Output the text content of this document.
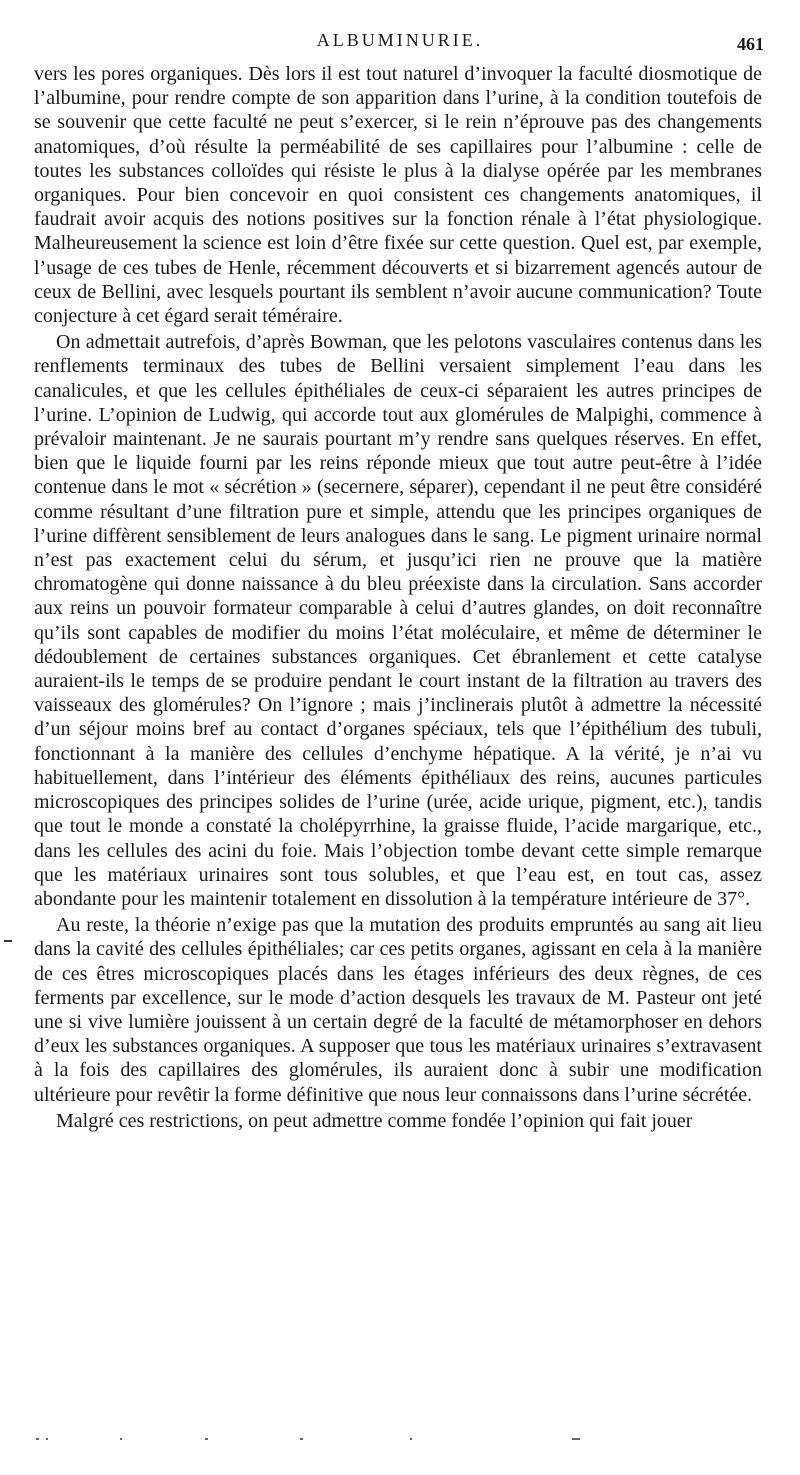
ALBUMINURIE.	461

vers les pores organiques. Dès lors il est tout naturel d’invoquer la faculté diosmotique de l’albumine, pour rendre compte de son apparition dans l’urine, à la condition toutefois de se souvenir que cette faculté ne peut s’exercer, si le rein n’éprouve pas des changements anatomiques, d’où résulte la perméabilité de ses capillaires pour l’albumine : celle de toutes les substances colloïdes qui résiste le plus à la dialyse opérée par les membranes organiques. Pour bien concevoir en quoi consistent ces changements anatomiques, il faudrait avoir acquis des notions positives sur la fonction rénale à l’état physiologique. Malheureusement la science est loin d’être fixée sur cette question. Quel est, par exemple, l’usage de ces tubes de Henle, récemment découverts et si bizarrement agencés autour de ceux de Bellini, avec lesquels pourtant ils semblent n’avoir aucune communication? Toute conjecture à cet égard serait téméraire.

On admettait autrefois, d’après Bowman, que les pelotons vasculaires contenus dans les renflements terminaux des tubes de Bellini versaient simplement l’eau dans les canalicules, et que les cellules épithéliales de ceux-ci séparaient les autres principes de l’urine. L’opinion de Ludwig, qui accorde tout aux glomérules de Malpighi, commence à prévaloir maintenant. Je ne saurais pourtant m’y rendre sans quelques réserves. En effet, bien que le liquide fourni par les reins réponde mieux que tout autre peut-être à l’idée contenue dans le mot « sécrétion » (secernere, séparer), cependant il ne peut être considéré comme résultant d’une filtration pure et simple, attendu que les principes organiques de l’urine diffèrent sensiblement de leurs analogues dans le sang. Le pigment urinaire normal n’est pas exactement celui du sérum, et jusqu’ici rien ne prouve que la matière chromatogène qui donne naissance à du bleu préexiste dans la circulation. Sans accorder aux reins un pouvoir formateur comparable à celui d’autres glandes, on doit reconnaître qu’ils sont capables de modifier du moins l’état moléculaire, et même de déterminer le dédoublement de certaines substances organiques. Cet ébranlement et cette catalyse auraient-ils le temps de se produire pendant le court instant de la filtration au travers des vaisseaux des glomérules? On l’ignore ; mais j’inclinerais plutôt à admettre la nécessité d’un séjour moins bref au contact d’organes spéciaux, tels que l’épithélium des tubuli, fonctionnant à la manière des cellules d’enchyme hépatique. A la vérité, je n’ai vu habituellement, dans l’intérieur des éléments épithéliaux des reins, aucunes particules microscopiques des principes solides de l’urine (urée, acide urique, pigment, etc.), tandis que tout le monde a constaté la cholépyrrhine, la graisse fluide, l’acide margarique, etc., dans les cellules des acini du foie. Mais l’objection tombe devant cette simple remarque que les matériaux urinaires sont tous solubles, et que l’eau est, en tout cas, assez abondante pour les maintenir totalement en dissolution à la température intérieure de 37°.

Au reste, la théorie n’exige pas que la mutation des produits empruntés au sang ait lieu dans la cavité des cellules épithéliales; car ces petits organes, agissant en cela à la manière de ces êtres microscopiques placés dans les étages inférieurs des deux règnes, de ces ferments par excellence, sur le mode d’action desquels les travaux de M. Pasteur ont jeté une si vive lumière jouissent à un certain degré de la faculté de métamorphoser en dehors d’eux les substances organiques. A supposer que tous les matériaux urinaires s’extravasent à la fois des capillaires des glomérules, ils auraient donc à subir une modification ultérieure pour revêtir la forme définitive que nous leur connaissons dans l’urine sécrétée.

Malgré ces restrictions, on peut admettre comme fondée l’opinion qui fait jouer
